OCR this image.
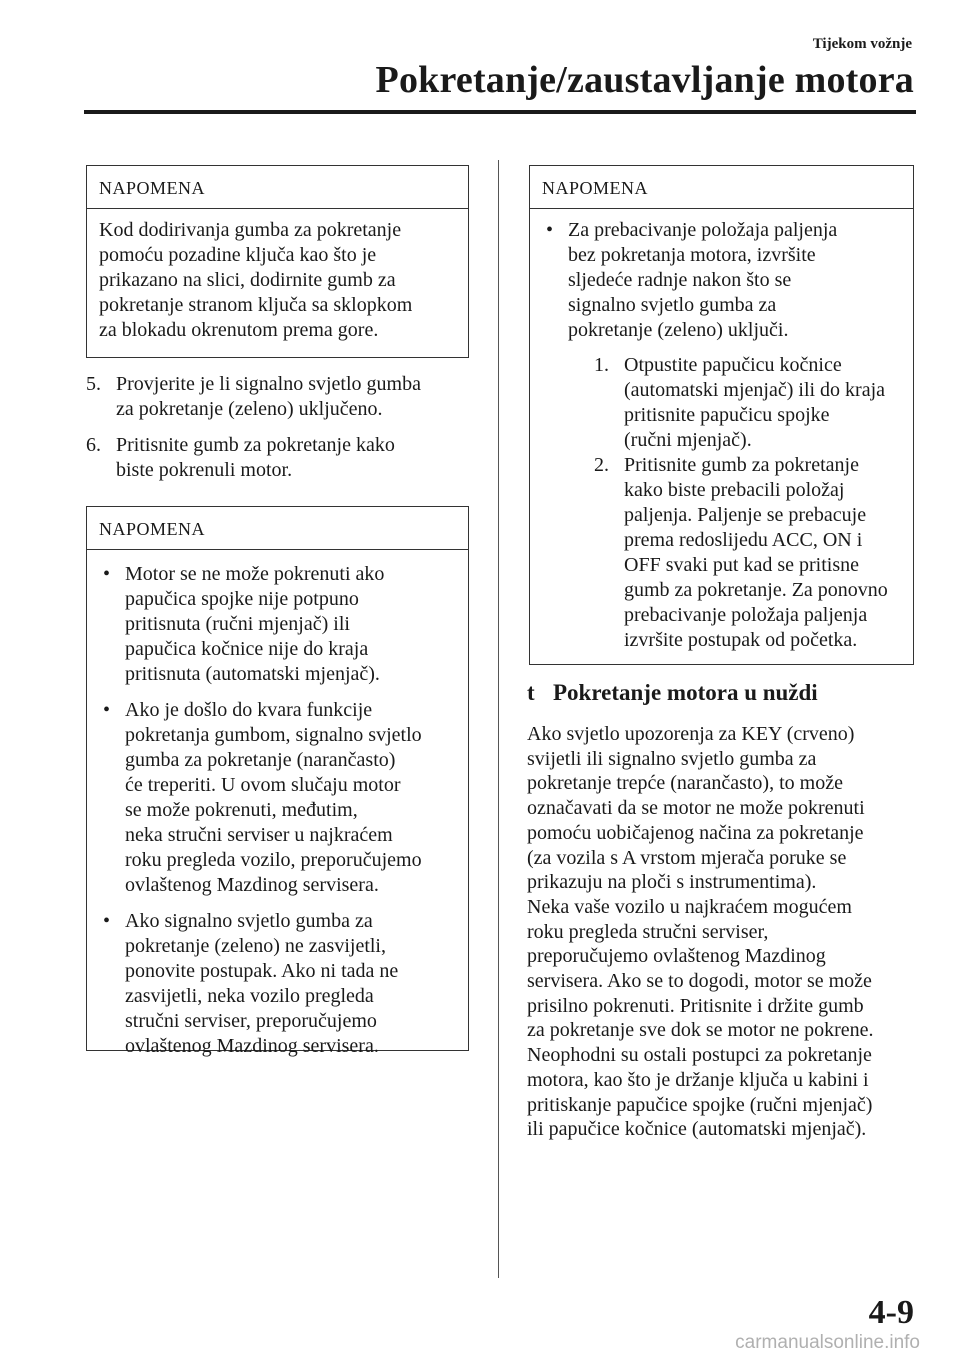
Tijekom vožnje
Pokretanje/zaustavljanje motora
NAPOMENA
Kod dodirivanja gumba za pokretanje
pomoću pozadine ključa kao što je
prikazano na slici, dodirnite gumb za
pokretanje stranom ključa sa sklopkom
za blokadu okrenutom prema gore.
5. Provjerite je li signalno svjetlo gumba
za pokretanje (zeleno) uključeno.
6. Pritisnite gumb za pokretanje kako
biste pokrenuli motor.
NAPOMENA
• Motor se ne može pokrenuti ako
papučica spojke nije potpuno
pritisnuta (ručni mjenjač) ili
papučica kočnice nije do kraja
pritisnuta (automatski mjenjač).
• Ako je došlo do kvara funkcije
pokretanja gumbom, signalno svjetlo
gumba za pokretanje (narančasto)
će treperiti. U ovom slučaju motor
se može pokrenuti, međutim,
neka stručni serviser u najkraćem
roku pregleda vozilo, preporučujemo
ovlaštenog Mazdinog servisera.
• Ako signalno svjetlo gumba za
pokretanje (zeleno) ne zasvijetli,
ponovite postupak. Ako ni tada ne
zasvijetli, neka vozilo pregleda
stručni serviser, preporučujemo
ovlaštenog Mazdinog servisera.
NAPOMENA
• Za prebacivanje položaja paljenja
bez pokretanja motora, izvršite
sljedeće radnje nakon što se
signalno svjetlo gumba za
pokretanje (zeleno) uključi.
1. Otpustite papučicu kočnice
(automatski mjenjač) ili do kraja
pritisnite papučicu spojke
(ručni mjenjač).
2. Pritisnite gumb za pokretanje
kako biste prebacili položaj
paljenja. Paljenje se prebacuje
prema redoslijedu ACC, ON i
OFF svaki put kad se pritisne
gumb za pokretanje. Za ponovno
prebacivanje položaja paljenja
izvršite postupak od početka.
t Pokretanje motora u nuždi
Ako svjetlo upozorenja za KEY (crveno)
svijetli ili signalno svjetlo gumba za
pokretanje trepće (narančasto), to može
označavati da se motor ne može pokrenuti
pomoću uobičajenog načina za pokretanje
(za vozila s A vrstom mjerača poruke se
prikazuju na ploči s instrumentima).
Neka vaše vozilo u najkraćem mogućem
roku pregleda stručni serviser,
preporučujemo ovlaštenog Mazdinog
servisera. Ako se to dogodi, motor se može
prisilno pokrenuti. Pritisnite i držite gumb
za pokretanje sve dok se motor ne pokrene.
Neophodni su ostali postupci za pokretanje
motora, kao što je držanje ključa u kabini i
pritiskanje papučice spojke (ručni mjenjač)
ili papučice kočnice (automatski mjenjač).
4-9
carmanualsonline.info
